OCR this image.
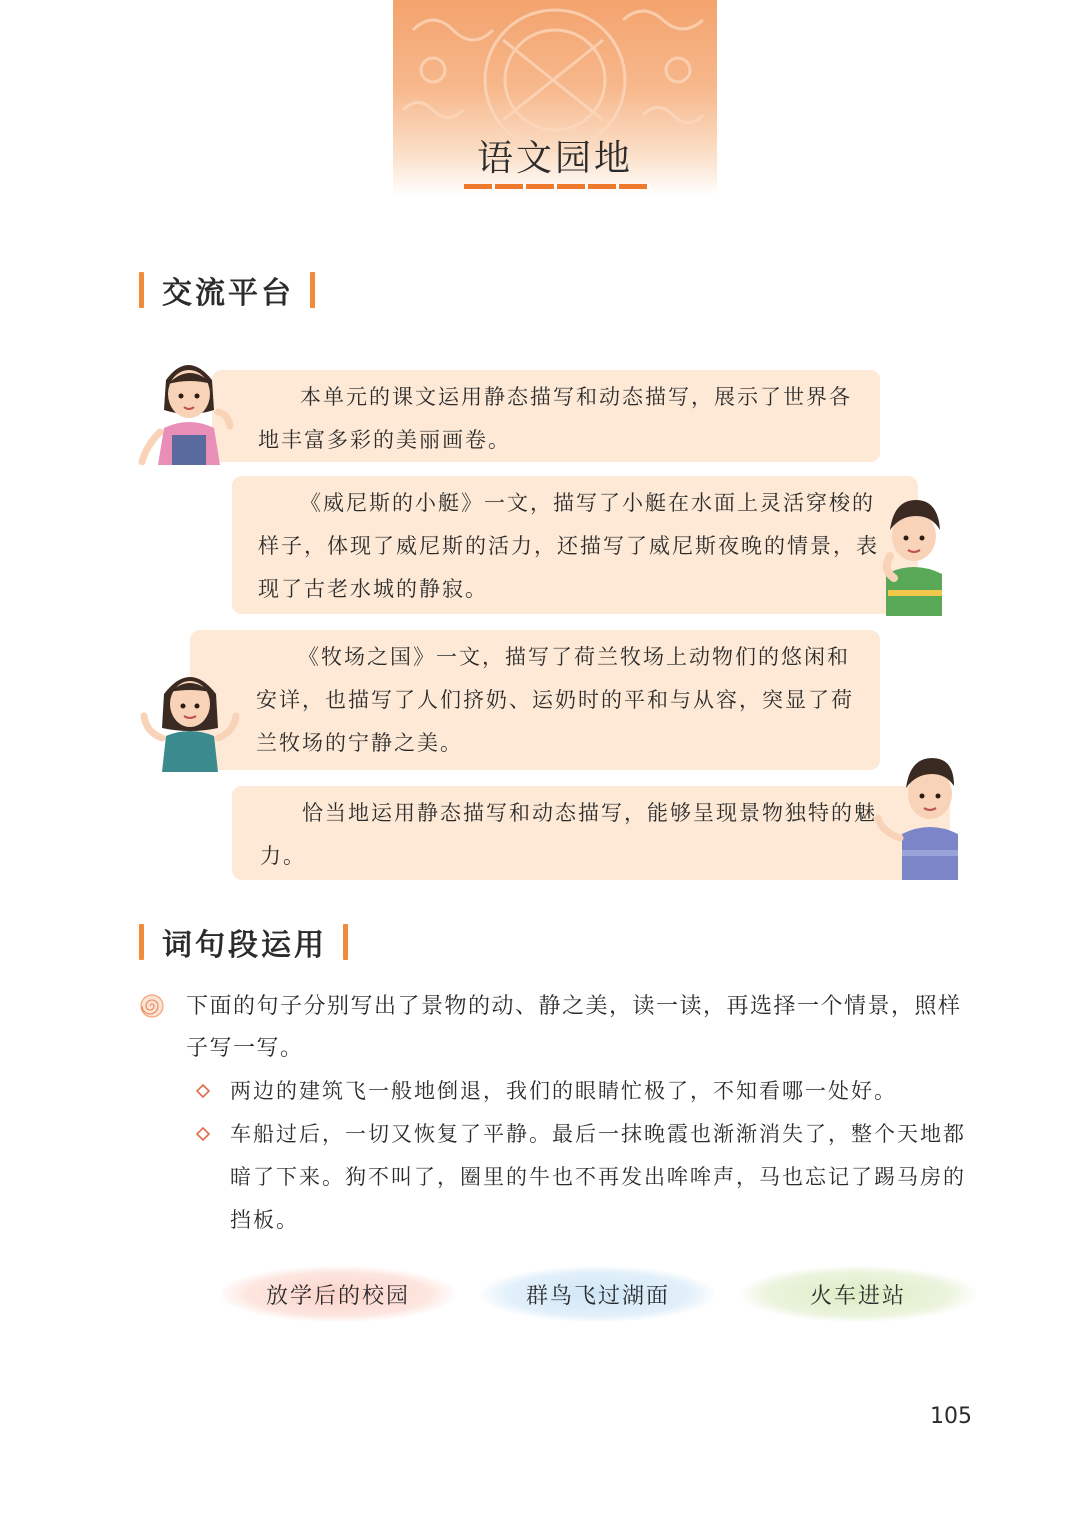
语文园地
交流平台

本单元的课文运用静态描写和动态描写，展示了世界各地丰富多彩的美丽画卷。

《威尼斯的小艇》一文，描写了小艇在水面上灵活穿梭的样子，体现了威尼斯的活力，还描写了威尼斯夜晚的情景，表现了古老水城的静寂。

《牧场之国》一文，描写了荷兰牧场上动物们的悠闲和安详，也描写了人们挤奶、运奶时的平和与从容，突显了荷兰牧场的宁静之美。

恰当地运用静态描写和动态描写，能够呈现景物独特的魅力。

词句段运用
下面的句子分别写出了景物的动、静之美，读一读，再选择一个情景，照样子写一写。
两边的建筑飞一般地倒退，我们的眼睛忙极了，不知看哪一处好。
车船过后，一切又恢复了平静。最后一抹晚霞也渐渐消失了，整个天地都暗了下来。狗不叫了，圈里的牛也不再发出哞哞声，马也忘记了踢马房的挡板。
放学后的校园	群鸟飞过湖面	火车进站
105
